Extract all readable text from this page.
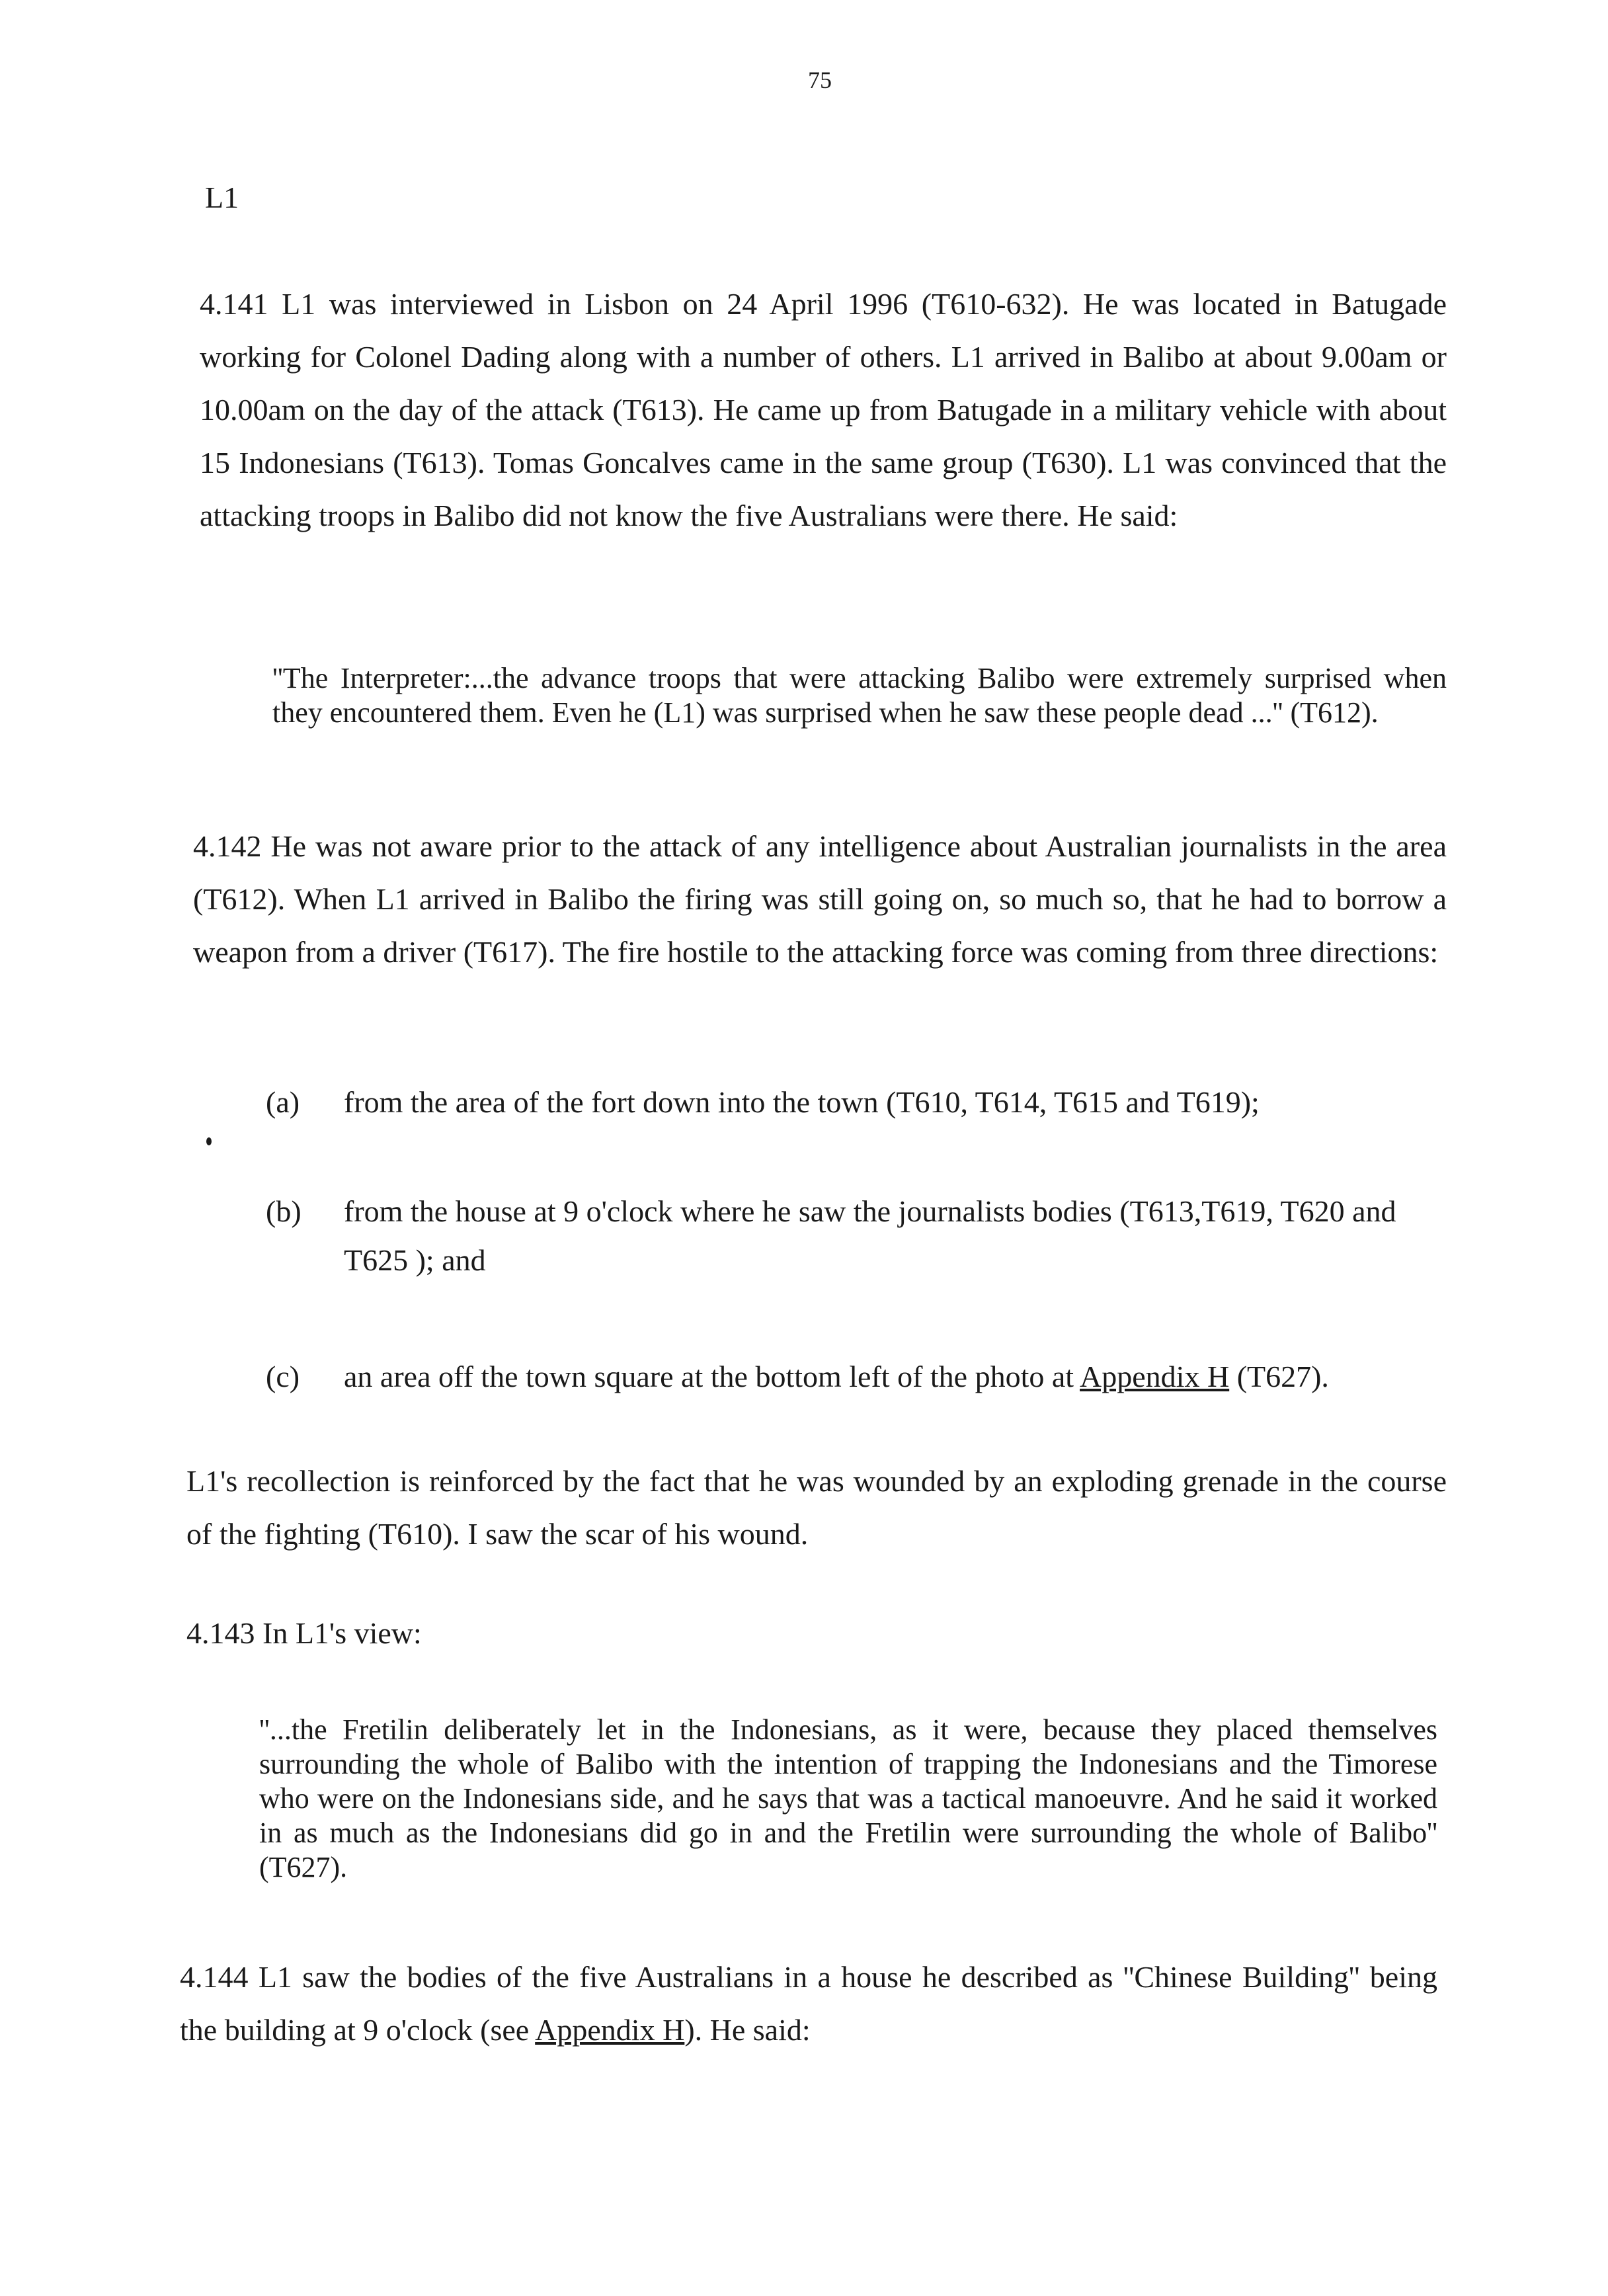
75
L1
4.141 L1 was interviewed in Lisbon on 24 April 1996 (T610-632). He was located in Batugade working for Colonel Dading along with a number of others. L1 arrived in Balibo at about 9.00am or 10.00am on the day of the attack (T613). He came up from Batugade in a military vehicle with about 15 Indonesians (T613). Tomas Goncalves came in the same group (T630). L1 was convinced that the attacking troops in Balibo did not know the five Australians were there. He said:
''The Interpreter:...the advance troops that were attacking Balibo were extremely surprised when they encountered them. Even he (L1) was surprised when he saw these people dead ...'' (T612).
4.142 He was not aware prior to the attack of any intelligence about Australian journalists in the area (T612). When L1 arrived in Balibo the firing was still going on, so much so, that he had to borrow a weapon from a driver (T617). The fire hostile to the attacking force was coming from three directions:
(a) from the area of the fort down into the town (T610, T614, T615 and T619);
(b) from the house at 9 o'clock where he saw the journalists bodies (T613,T619, T620 and T625 ); and
(c) an area off the town square at the bottom left of the photo at Appendix H (T627).
L1's recollection is reinforced by the fact that he was wounded by an exploding grenade in the course of the fighting (T610). I saw the scar of his wound.
4.143 In L1's view:
''...the Fretilin deliberately let in the Indonesians, as it were, because they placed themselves surrounding the whole of Balibo with the intention of trapping the Indonesians and the Timorese who were on the Indonesians side, and he says that was a tactical manoeuvre. And he said it worked in as much as the Indonesians did go in and the Fretilin were surrounding the whole of Balibo'' (T627).
4.144 L1 saw the bodies of the five Australians in a house he described as ''Chinese Building'' being the building at 9 o'clock (see Appendix H). He said:
